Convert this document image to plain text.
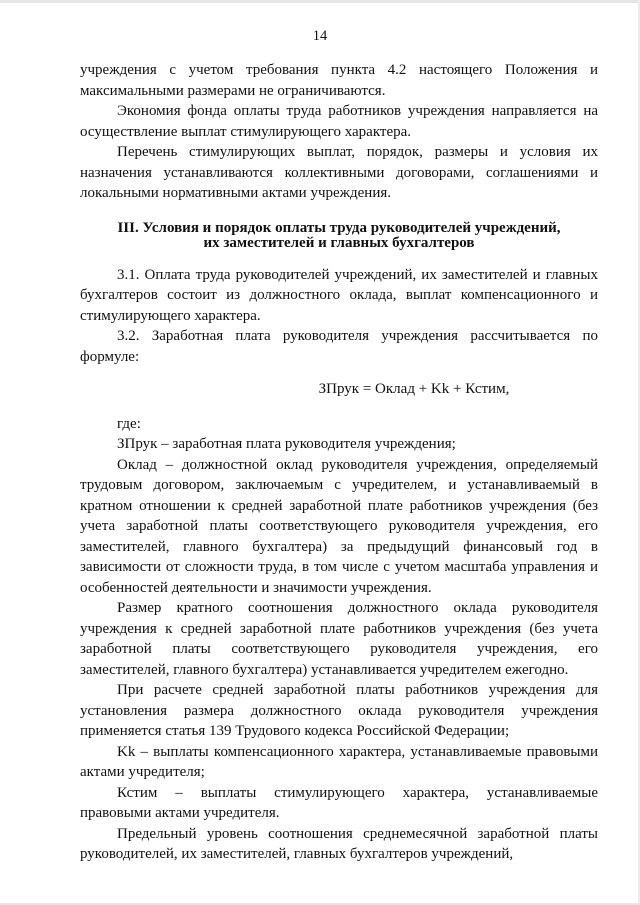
14

учреждения с учетом требования пункта 4.2 настоящего Положения и максимальными размерами не ограничиваются.

Экономия фонда оплаты труда работников учреждения направляется на осуществление выплат стимулирующего характера.

Перечень стимулирующих выплат, порядок, размеры и условия их назначения устанавливаются коллективными договорами, соглашениями и локальными нормативными актами учреждения.

III. Условия и порядок оплаты труда руководителей учреждений,
их заместителей и главных бухгалтеров

3.1. Оплата труда руководителей учреждений, их заместителей и главных бухгалтеров состоит из должностного оклада, выплат компенсационного и стимулирующего характера.

3.2. Заработная плата руководителя учреждения рассчитывается по формуле:

ЗПрук = Оклад + Kk + Кстим,

где:

ЗПрук – заработная плата руководителя учреждения;

Оклад – должностной оклад руководителя учреждения, определяемый трудовым договором, заключаемым с учредителем, и устанавливаемый в кратном отношении к средней заработной плате работников учреждения (без учета заработной платы соответствующего руководителя учреждения, его заместителей, главного бухгалтера) за предыдущий финансовый год в зависимости от сложности труда, в том числе с учетом масштаба управления и особенностей деятельности и значимости учреждения.

Размер кратного соотношения должностного оклада руководителя учреждения к средней заработной плате работников учреждения (без учета заработной платы соответствующего руководителя учреждения, его заместителей, главного бухгалтера) устанавливается учредителем ежегодно.

При расчете средней заработной платы работников учреждения для установления размера должностного оклада руководителя учреждения применяется статья 139 Трудового кодекса Российской Федерации;

Kk – выплаты компенсационного характера, устанавливаемые правовыми актами учредителя;

Кстим – выплаты стимулирующего характера, устанавливаемые правовыми актами учредителя.

Предельный уровень соотношения среднемесячной заработной платы руководителей, их заместителей, главных бухгалтеров учреждений,
